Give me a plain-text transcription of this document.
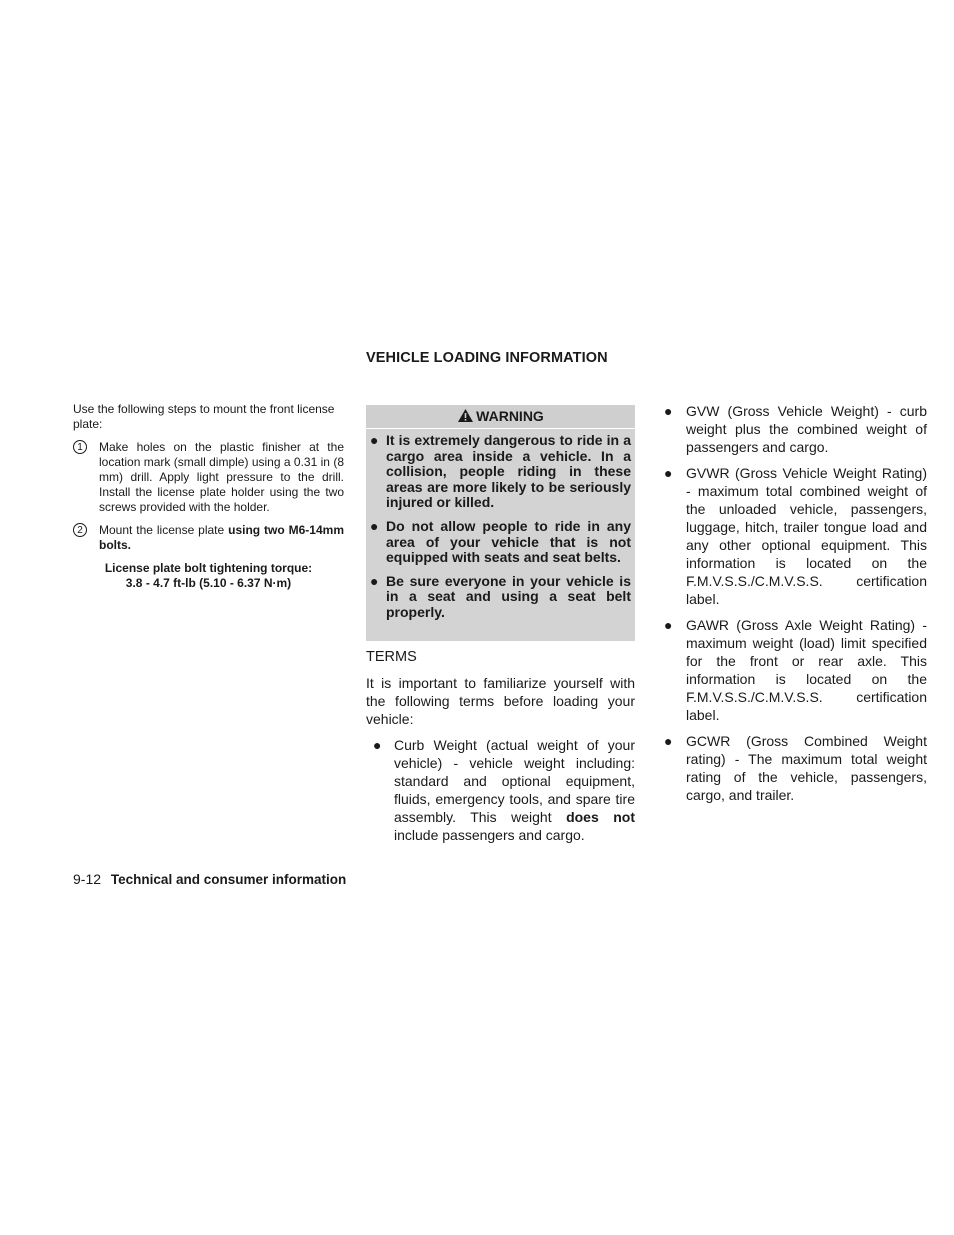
VEHICLE LOADING INFORMATION

Use the following steps to mount the front license plate:

1	Make holes on the plastic finisher at the location mark (small dimple) using a 0.31 in (8 mm) drill. Apply light pressure to the drill. Install the license plate holder using the two screws provided with the holder.

2	Mount the license plate using two M6-14mm bolts.

License plate bolt tightening torque:
3.8 - 4.7 ft-lb (5.10 - 6.37 N·m)

WARNING
● It is extremely dangerous to ride in a cargo area inside a vehicle. In a collision, people riding in these areas are more likely to be seriously injured or killed.
● Do not allow people to ride in any area of your vehicle that is not equipped with seats and seat belts.
● Be sure everyone in your vehicle is in a seat and using a seat belt properly.

TERMS

It is important to familiarize yourself with the following terms before loading your vehicle:

● Curb Weight (actual weight of your vehicle) - vehicle weight including: standard and optional equipment, fluids, emergency tools, and spare tire assembly. This weight does not include passengers and cargo.
● GVW (Gross Vehicle Weight) - curb weight plus the combined weight of passengers and cargo.
● GVWR (Gross Vehicle Weight Rating) - maximum total combined weight of the unloaded vehicle, passengers, luggage, hitch, trailer tongue load and any other optional equipment. This information is located on the F.M.V.S.S./C.M.V.S.S. certification label.
● GAWR (Gross Axle Weight Rating) - maximum weight (load) limit specified for the front or rear axle. This information is located on the F.M.V.S.S./C.M.V.S.S. certification label.
● GCWR (Gross Combined Weight rating) - The maximum total weight rating of the vehicle, passengers, cargo, and trailer.
9-12 Technical and consumer information
